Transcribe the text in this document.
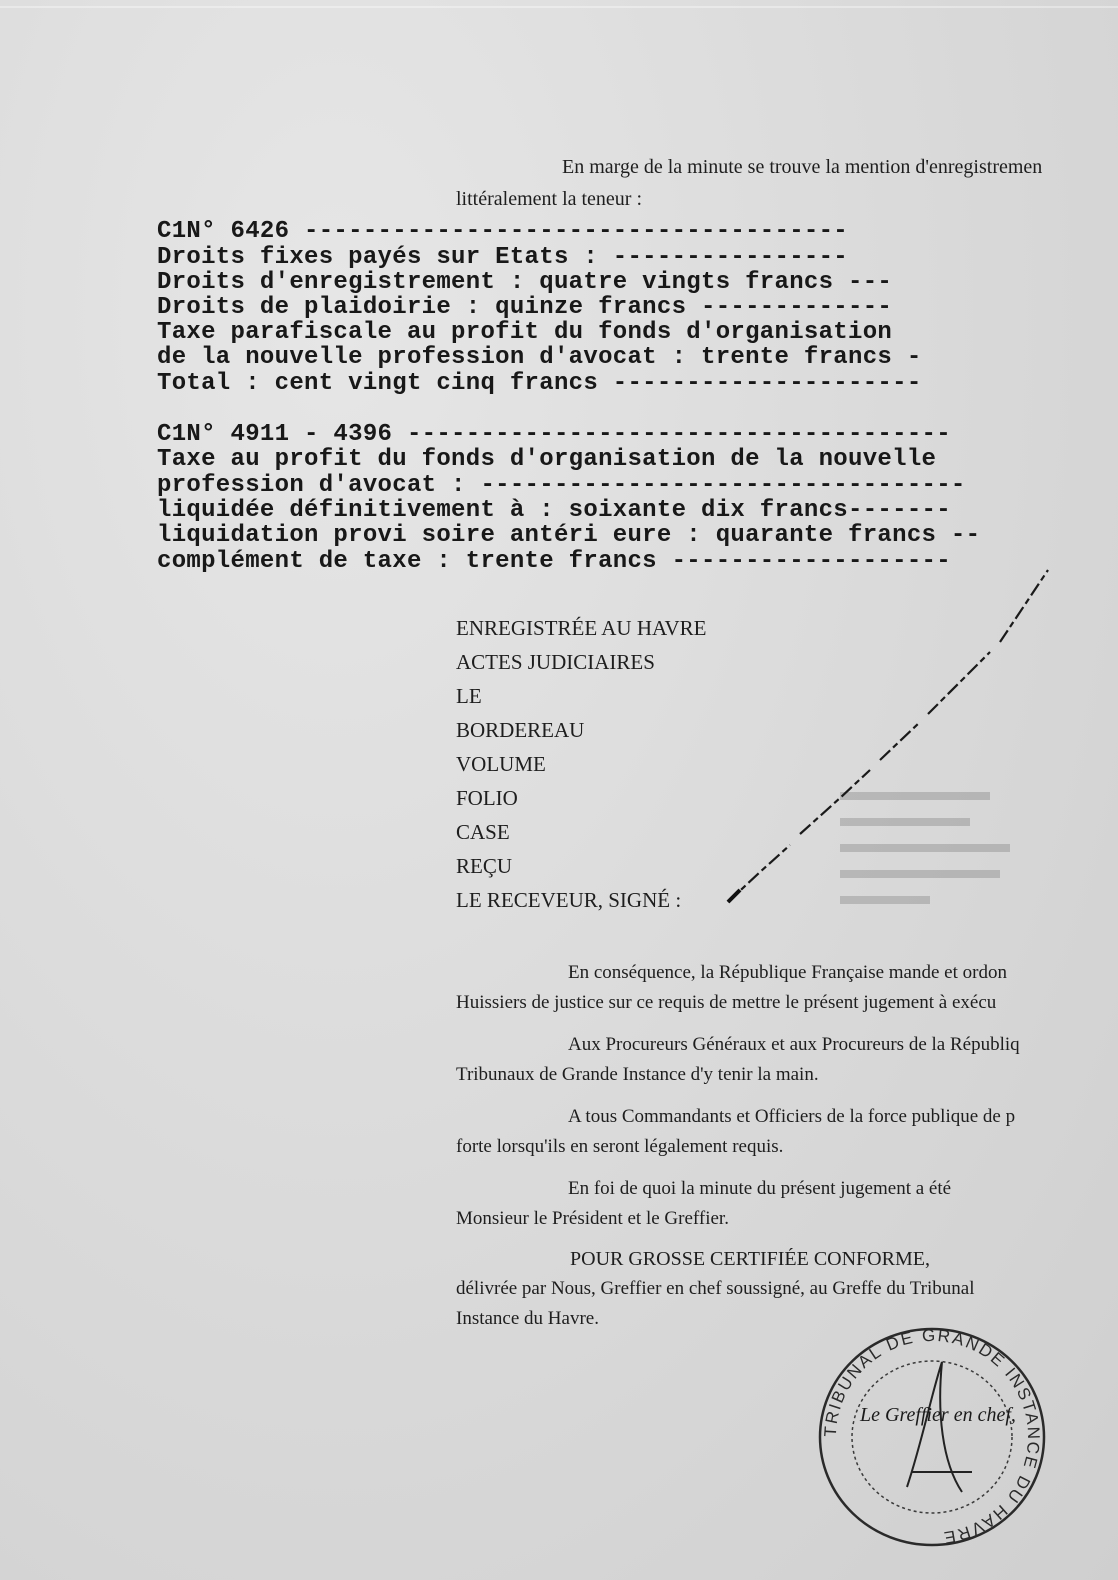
En marge de la minute se trouve la mention d'enregistremen
littéralement la teneur :
C1N° 6426 -------------------------------------
Droits fixes payés sur Etats : ----------------
Droits d'enregistrement : quatre vingts francs ---
Droits de plaidoirie : quinze francs -------------
Taxe parafiscale au profit du fonds d'organisation
de la nouvelle profession d'avocat : trente francs -
Total : cent vingt cinq francs ---------------------
C1N° 4911 - 4396 -------------------------------------
Taxe au profit du fonds d'organisation de la nouvelle
profession d'avocat : ---------------------------------
liquidée définitivement à : soixante dix francs-------
liquidation provi soire antéri eure : quarante francs --
complément de taxe : trente francs -------------------
ENREGISTRÉE AU HAVRE
ACTES JUDICIAIRES
LE
BORDEREAU
VOLUME
FOLIO
CASE
REÇU
LE RECEVEUR, SIGNÉ :
En conséquence, la République Française mande et ordon
Huissiers de justice sur ce requis de mettre le présent jugement à exécu
Aux Procureurs Généraux et aux Procureurs de la Républiq
Tribunaux de Grande Instance d'y tenir la main.
A tous Commandants et Officiers de la force publique de p
forte lorsqu'ils en seront légalement requis.
En foi de quoi la minute du présent jugement a été
Monsieur le Président et le Greffier.
POUR GROSSE CERTIFIÉE CONFORME,
délivrée par Nous, Greffier en chef soussigné, au Greffe du Tribunal
Instance du Havre.
TRIBUNAL DE GRANDE INSTANCE DU HAVRE
Le Greffier en chef,
